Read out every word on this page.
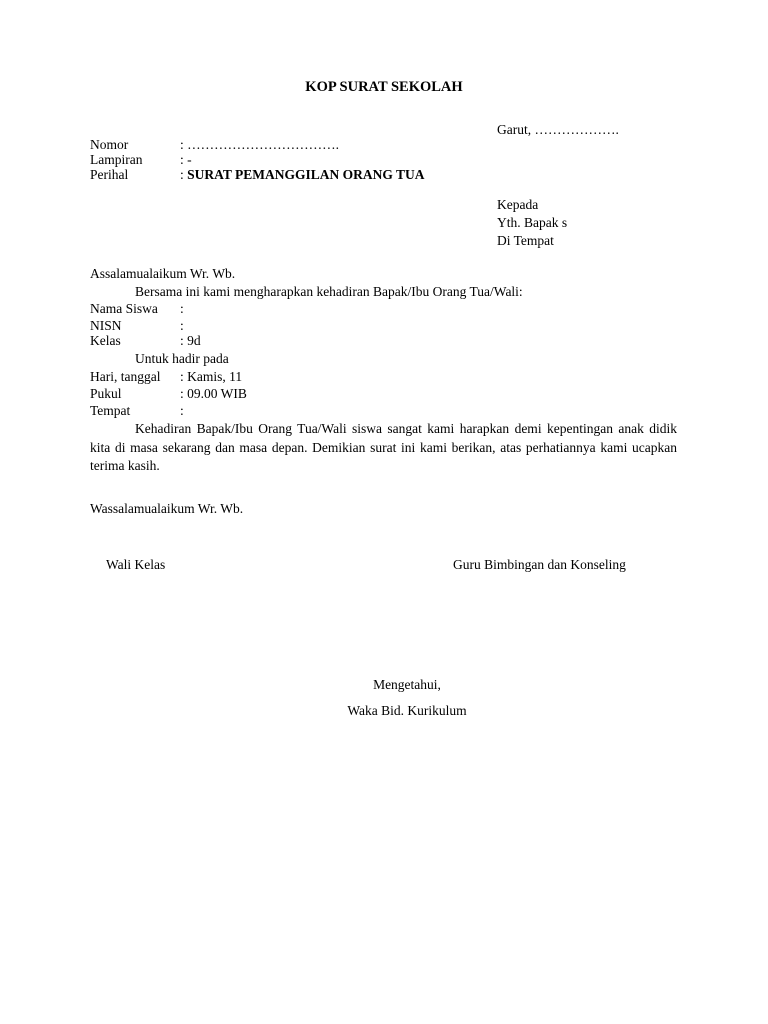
KOP SURAT SEKOLAH
Garut, ……………….
Nomor	: …………………………….
Lampiran	: -
Perihal	: SURAT PEMANGGILAN ORANG TUA
Kepada
Yth. Bapak s
Di Tempat
Assalamualaikum Wr. Wb.
Bersama ini kami mengharapkan kehadiran Bapak/Ibu Orang Tua/Wali:
Nama Siswa :
NISN	:
Kelas	: 9d
Untuk hadir pada
Hari, tanggal : Kamis, 11
Pukul	: 09.00 WIB
Tempat	:
Kehadiran Bapak/Ibu Orang Tua/Wali siswa sangat kami harapkan demi kepentingan anak didik kita di masa sekarang dan masa depan. Demikian surat ini kami berikan, atas perhatiannya kami ucapkan terima kasih.
Wassalamualaikum Wr. Wb.
Wali Kelas	Guru Bimbingan dan Konseling
Mengetahui,
Waka Bid. Kurikulum
